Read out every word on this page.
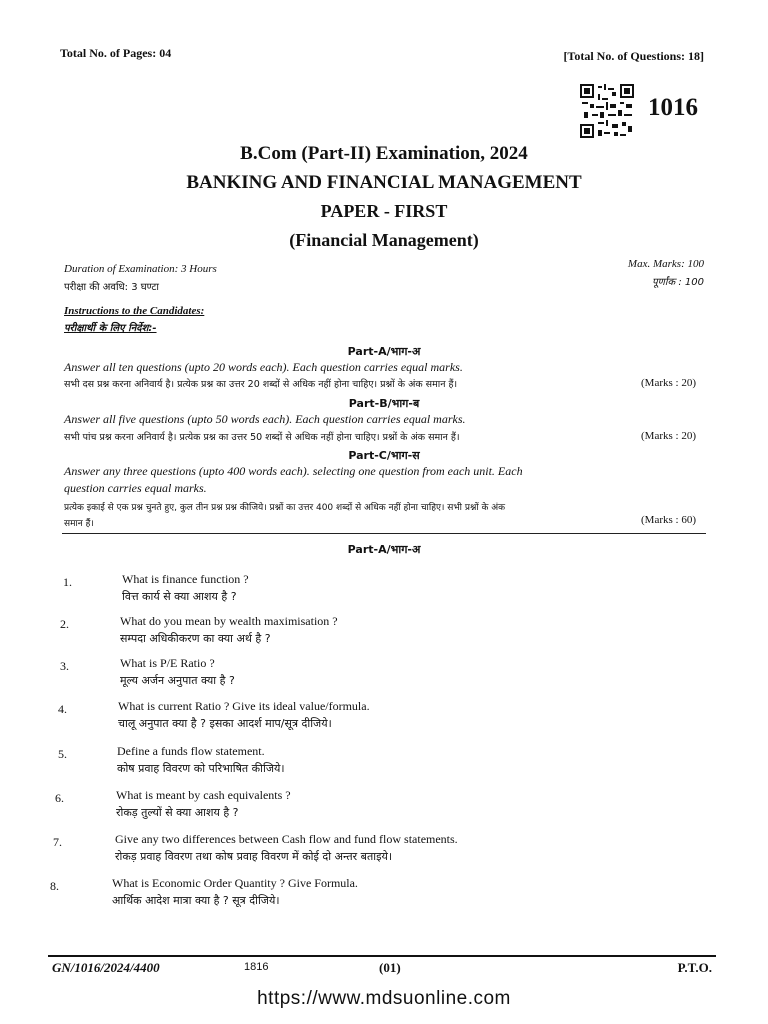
Total No. of Pages: 04	[Total No. of Questions: 18]
1016
B.Com (Part-II) Examination, 2024
BANKING AND FINANCIAL MANAGEMENT
PAPER - FIRST
(Financial Management)
Duration of Examination: 3 Hours
परीक्षा की अवधि: 3 घण्टा
Max. Marks: 100
पूर्णांक : 100
Instructions to the Candidates:
परीक्षार्थी के लिए निर्देश:-
Part-A/भाग-अ
Answer all ten questions (upto 20 words each). Each question carries equal marks.
सभी दस प्रश्न करना अनिवार्य है। प्रत्येक प्रश्न का उत्तर 20 शब्दों से अधिक नहीं होना चाहिए। प्रश्नों के अंक समान हैं।	(Marks : 20)
Part-B/भाग-ब
Answer all five questions (upto 50 words each). Each question carries equal marks.
सभी पांच प्रश्न करना अनिवार्य है। प्रत्येक प्रश्न का उत्तर 50 शब्दों से अधिक नहीं होना चाहिए। प्रश्नों के अंक समान हैं।	(Marks : 20)
Part-C/भाग-स
Answer any three questions (upto 400 words each). selecting one question from each unit. Each
question carries equal marks.
प्रत्येक इकाई से एक प्रश्न चुनते हुए, कुल तीन प्रश्न प्रश्न कीजिये। प्रश्नों का उत्तर 400 शब्दों से अधिक नहीं होना चाहिए। सभी प्रश्नों के अंक
समान हैं।	(Marks : 60)
Part-A/भाग-अ
1.	What is finance function ?
वित्त कार्य से क्या आशय है ?
2.	What do you mean by wealth maximisation ?
सम्पदा अधिकीकरण का क्या अर्थ है ?
3.	What is P/E Ratio ?
मूल्य अर्जन अनुपात क्या है ?
4.	What is current Ratio ? Give its ideal value/formula.
चालू अनुपात क्या है ? इसका आदर्श माप/सूत्र दीजिये।
5.	Define a funds flow statement.
कोष प्रवाह विवरण को परिभाषित कीजिये।
6.	What is meant by cash equivalents ?
रोकड़ तुल्यों से क्या आशय है ?
7.	Give any two differences between Cash flow and fund flow statements.
रोकड़ प्रवाह विवरण तथा कोष प्रवाह विवरण में कोई दो अन्तर बताइये।
8.	What is Economic Order Quantity ? Give Formula.
आर्थिक आदेश मात्रा क्या है ? सूत्र दीजिये।
GN/1016/2024/4400	1816	(01)	P.T.O.
https://www.mdsuonline.com
